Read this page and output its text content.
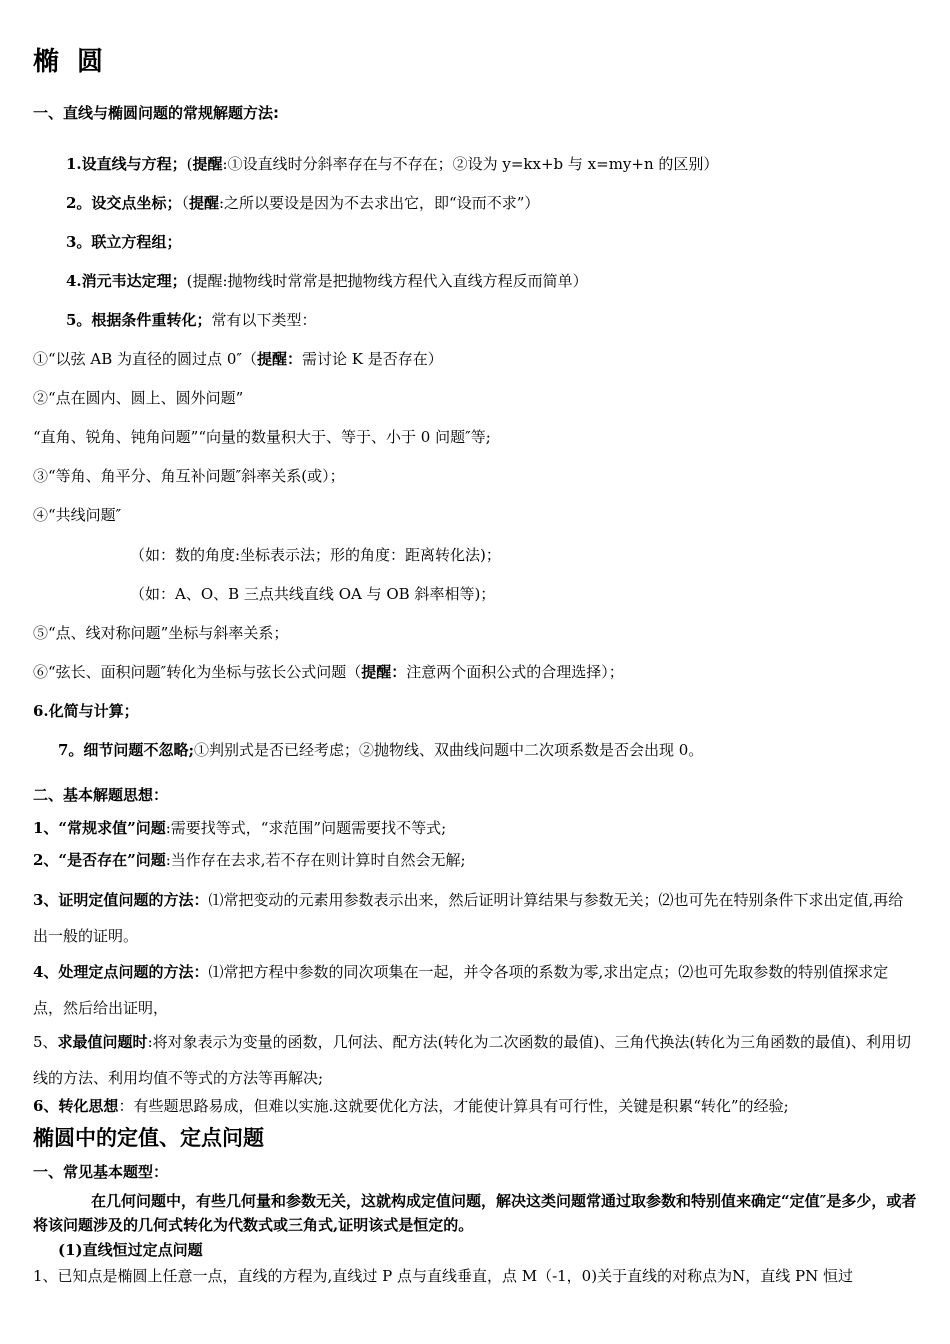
椭圆
一、直线与椭圆问题的常规解题方法:
1.设直线与方程；(提醒:①设直线时分斜率存在与不存在；②设为 y=kx+b 与 x=my+n 的区别）
2。设交点坐标；（提醒:之所以要设是因为不去求出它，即“设而不求”）
3。联立方程组；
4.消元韦达定理；(提醒:抛物线时常常是把抛物线方程代入直线方程反而简单）
5。根据条件重转化；常有以下类型：
①“以弦 AB 为直径的圆过点 0″（提醒：需讨论 K 是否存在）
②“点在圆内、圆上、圆外问题”
“直角、锐角、钝角问题”“向量的数量积大于、等于、小于 0 问题″等;
③“等角、角平分、角互补问题″斜率关系(或）；
④“共线问题″
（如：数的角度:坐标表示法；形的角度：距离转化法)；
（如：A、O、B 三点共线直线 OA 与 OB 斜率相等)；
⑤“点、线对称问题”坐标与斜率关系；
⑥“弦长、面积问题″转化为坐标与弦长公式问题（提醒：注意两个面积公式的合理选择）；
6.化简与计算；
7。细节问题不忽略;①判别式是否已经考虑；②抛物线、双曲线问题中二次项系数是否会出现 0。
二、基本解题思想：
1、“常规求值”问题:需要找等式，“求范围”问题需要找不等式;
2、“是否存在”问题:当作存在去求,若不存在则计算时自然会无解;
3、证明定值问题的方法：⑴常把变动的元素用参数表示出来，然后证明计算结果与参数无关；⑵也可先在特别条件下求出定值,再给出一般的证明。
4、处理定点问题的方法：⑴常把方程中参数的同次项集在一起，并令各项的系数为零,求出定点；⑵也可先取参数的特别值探求定点，然后给出证明，
5、求最值问题时:将对象表示为变量的函数，几何法、配方法(转化为二次函数的最值)、三角代换法(转化为三角函数的最值)、利用切线的方法、利用均值不等式的方法等再解决;
6、转化思想：有些题思路易成，但难以实施.这就要优化方法，才能使计算具有可行性，关键是积累“转化”的经验;
椭圆中的定值、定点问题
一、常见基本题型：
在几何问题中，有些几何量和参数无关，这就构成定值问题，解决这类问题常通过取参数和特别值来确定“定值″是多少，或者将该问题涉及的几何式转化为代数式或三角式,证明该式是恒定的。
(1)直线恒过定点问题
1、已知点是椭圆上任意一点，直线的方程为,直线过 P 点与直线垂直，点 M（-1，0)关于直线的对称点为N，直线 PN 恒过
